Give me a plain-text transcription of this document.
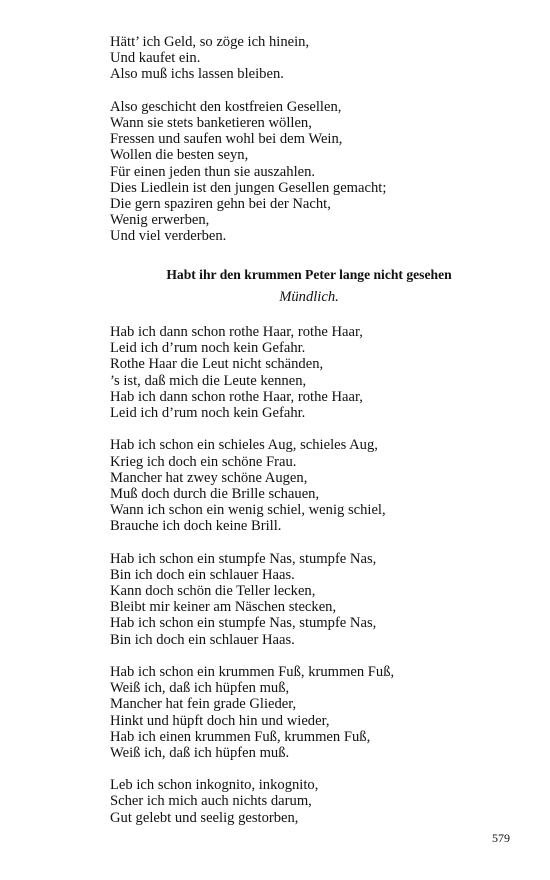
Hätt’ ich Geld, so zöge ich hinein,
Und kaufet ein.
Also muß ichs lassen bleiben.
Also geschicht den kostfreien Gesellen,
Wann sie stets banketieren wöllen,
Fressen und saufen wohl bei dem Wein,
Wollen die besten seyn,
Für einen jeden thun sie auszahlen.
Dies Liedlein ist den jungen Gesellen gemacht;
Die gern spaziren gehn bei der Nacht,
Wenig erwerben,
Und viel verderben.
Habt ihr den krummen Peter lange nicht gesehen
Mündlich.
Hab ich dann schon rothe Haar, rothe Haar,
Leid ich d’rum noch kein Gefahr.
Rothe Haar die Leut nicht schänden,
’s ist, daß mich die Leute kennen,
Hab ich dann schon rothe Haar, rothe Haar,
Leid ich d’rum noch kein Gefahr.
Hab ich schon ein schieles Aug, schieles Aug,
Krieg ich doch ein schöne Frau.
Mancher hat zwey schöne Augen,
Muß doch durch die Brille schauen,
Wann ich schon ein wenig schiel, wenig schiel,
Brauche ich doch keine Brill.
Hab ich schon ein stumpfe Nas, stumpfe Nas,
Bin ich doch ein schlauer Haas.
Kann doch schön die Teller lecken,
Bleibt mir keiner am Näschen stecken,
Hab ich schon ein stumpfe Nas, stumpfe Nas,
Bin ich doch ein schlauer Haas.
Hab ich schon ein krummen Fuß, krummen Fuß,
Weiß ich, daß ich hüpfen muß,
Mancher hat fein grade Glieder,
Hinkt und hüpft doch hin und wieder,
Hab ich einen krummen Fuß, krummen Fuß,
Weiß ich, daß ich hüpfen muß.
Leb ich schon inkognito, inkognito,
Scher ich mich auch nichts darum,
Gut gelebt und seelig gestorben,
579
